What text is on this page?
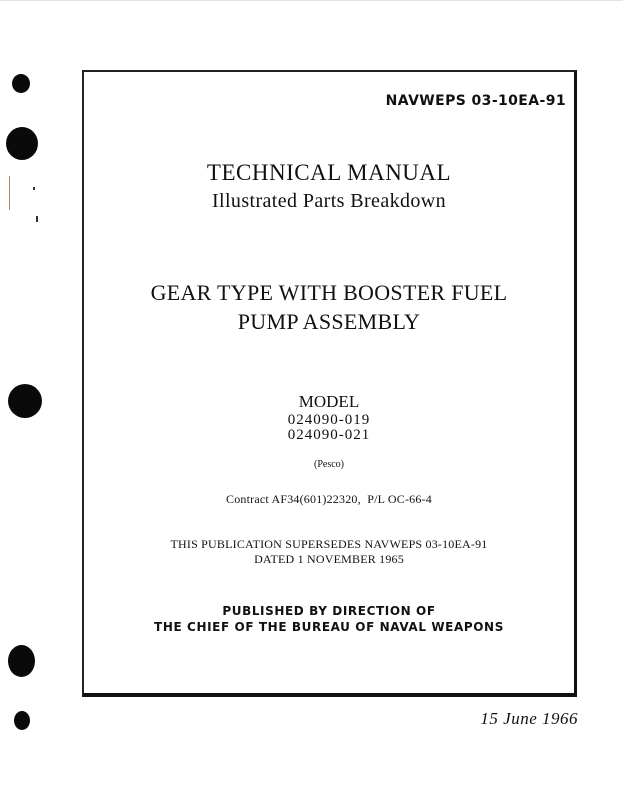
NAVWEPS 03-10EA-91
TECHNICAL MANUAL
Illustrated Parts Breakdown
GEAR TYPE WITH BOOSTER FUEL
PUMP ASSEMBLY
MODEL
024090-019
024090-021
(Pesco)
Contract AF34(601)22320,  P/L OC-66-4
THIS PUBLICATION SUPERSEDES NAVWEPS 03-10EA-91
DATED 1 NOVEMBER 1965
PUBLISHED BY DIRECTION OF
THE CHIEF OF THE BUREAU OF NAVAL WEAPONS
15 June 1966
